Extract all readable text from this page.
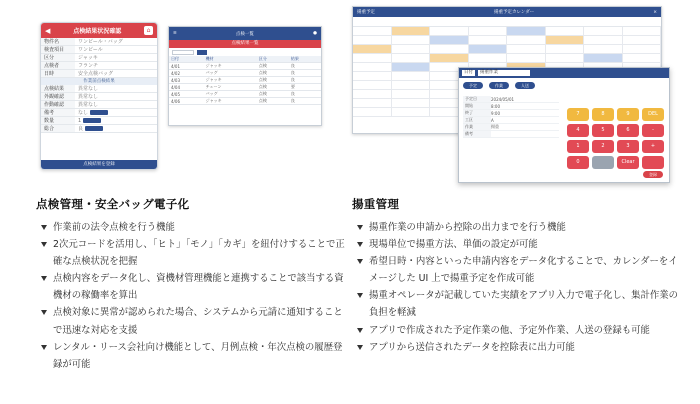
◀	点検結果状況確認	⌂
物件名	ワンピール・バッグ
検査項目	ワンピール
区分	ジャッキ
点検者	フランチ
日時	安全点検バッグ
作業前点検結果
点検結果	異常なし
外観確認	異常なし
作動確認	異常なし
備考	なし
数量	1
総合	良
点検結果を登録
≡	点検一覧	●
点検結果一覧
日付	機材	区分	結果
4/01	ジャッキ	点検	良
4/02	バッグ	点検	良
4/03	ジャッキ	点検	良
4/04	チェーン	点検	要
4/05	バッグ	点検	良
4/06	ジャッキ	点検	良
揚重予定	揚重予定カレンダー	×
日付	揚重作業
予定	作業	人送
予定日	2024/05/01
開始	8:00
終了	9:00
工区	A
作業	揚重
備考
7	8	9	DEL
4	5	6	-
1	2	3	+
0	Clear
登録
点検管理・安全バッグ電子化
作業前の法令点検を行う機能
2次元コードを活用し、「ヒト」「モノ」「カギ」を紐付けすることで正確な点検状況を把握
点検内容をデータ化し、資機材管理機能と連携することで該当する資機材の稼働率を算出
点検対象に異常が認められた場合、システムから元請に通知することで迅速な対応を支援
レンタル・リース会社向け機能として、月例点検・年次点検の履歴登録が可能
揚重管理
揚重作業の申請から控除の出力までを行う機能
現場単位で揚重方法、単価の設定が可能
希望日時・内容といった申請内容をデータ化することで、カレンダーをイメージした UI 上で揚重予定を作成可能
揚重オペレータが記載していた実績をアプリ入力で電子化し、集計作業の負担を軽減
アプリで作成された予定作業の他、予定外作業、人送の登録も可能
アプリから送信されたデータを控除表に出力可能
